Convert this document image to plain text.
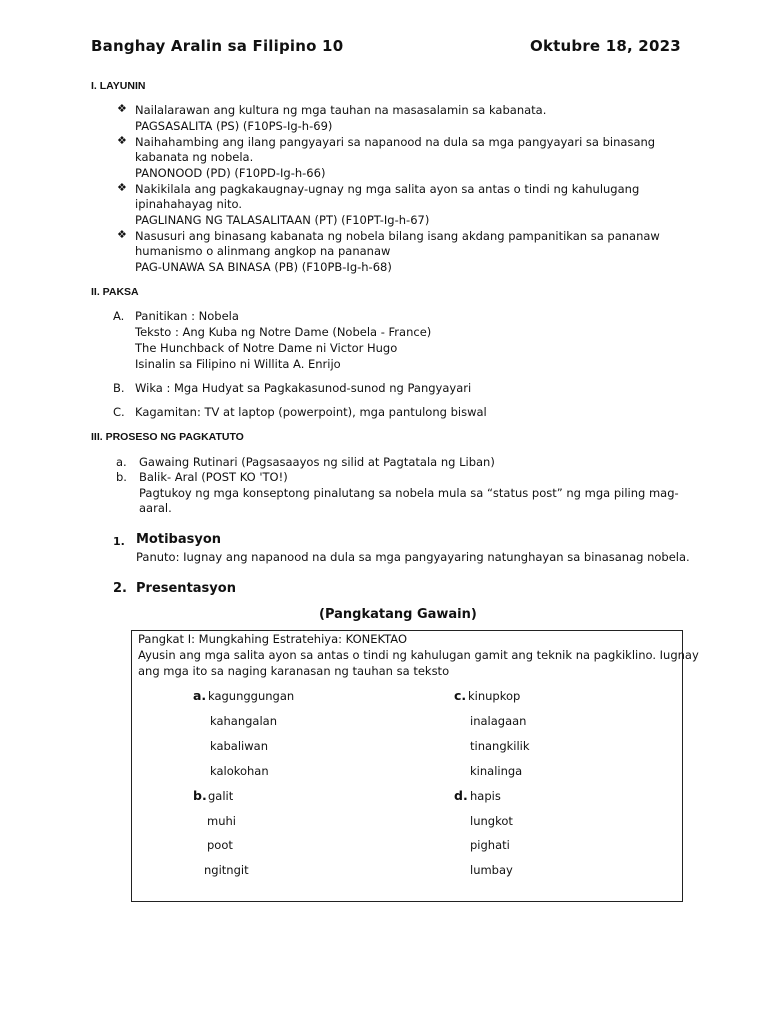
Banghay Aralin sa Filipino 10	Oktubre 18, 2023
I. LAYUNIN
❖ Nailalarawan ang kultura ng mga tauhan na masasalamin sa kabanata.
PAGSASALITA (PS) (F10PS-Ig-h-69)
❖ Naihahambing ang ilang pangyayari sa napanood na dula sa mga pangyayari sa binasang
kabanata ng nobela.
PANONOOD (PD) (F10PD-Ig-h-66)
❖ Nakikilala ang pagkakaugnay-ugnay ng mga salita ayon sa antas o tindi ng kahulugang
ipinahahayag nito.
PAGLINANG NG TALASALITAAN (PT) (F10PT-Ig-h-67)
❖ Nasusuri ang binasang kabanata ng nobela bilang isang akdang pampanitikan sa pananaw
humanismo o alinmang angkop na pananaw
PAG-UNAWA SA BINASA (PB) (F10PB-Ig-h-68)
II. PAKSA
A. Panitikan : Nobela
Teksto : Ang Kuba ng Notre Dame (Nobela - France)
The Hunchback of Notre Dame ni Victor Hugo
Isinalin sa Filipino ni Willita A. Enrijo
B. Wika : Mga Hudyat sa Pagkakasunod-sunod ng Pangyayari
C. Kagamitan: TV at laptop (powerpoint), mga pantulong biswal
III. PROSESO NG PAGKATUTO
a. Gawaing Rutinari (Pagsasaayos ng silid at Pagtatala ng Liban)
b. Balik- Aral (POST KO 'TO!)
Pagtukoy ng mga konseptong pinalutang sa nobela mula sa “status post” ng mga piling mag-
aaral.
1. Motibasyon
Panuto: Iugnay ang napanood na dula sa mga pangyayaring natunghayan sa binasanag nobela.
2. Presentasyon
(Pangkatang Gawain)
Pangkat I: Mungkahing Estratehiya: KONEKTAO
Ayusin ang mga salita ayon sa antas o tindi ng kahulugan gamit ang teknik na pagkiklino. Iugnay
ang mga ito sa naging karanasan ng tauhan sa teksto
a. kagunggungan
kahangalan
kabaliwan
kalokohan
b. galit
muhi
poot
ngitngit
c. kinupkop
inalagaan
tinangkilik
kinalinga
d. hapis
lungkot
pighati
lumbay
